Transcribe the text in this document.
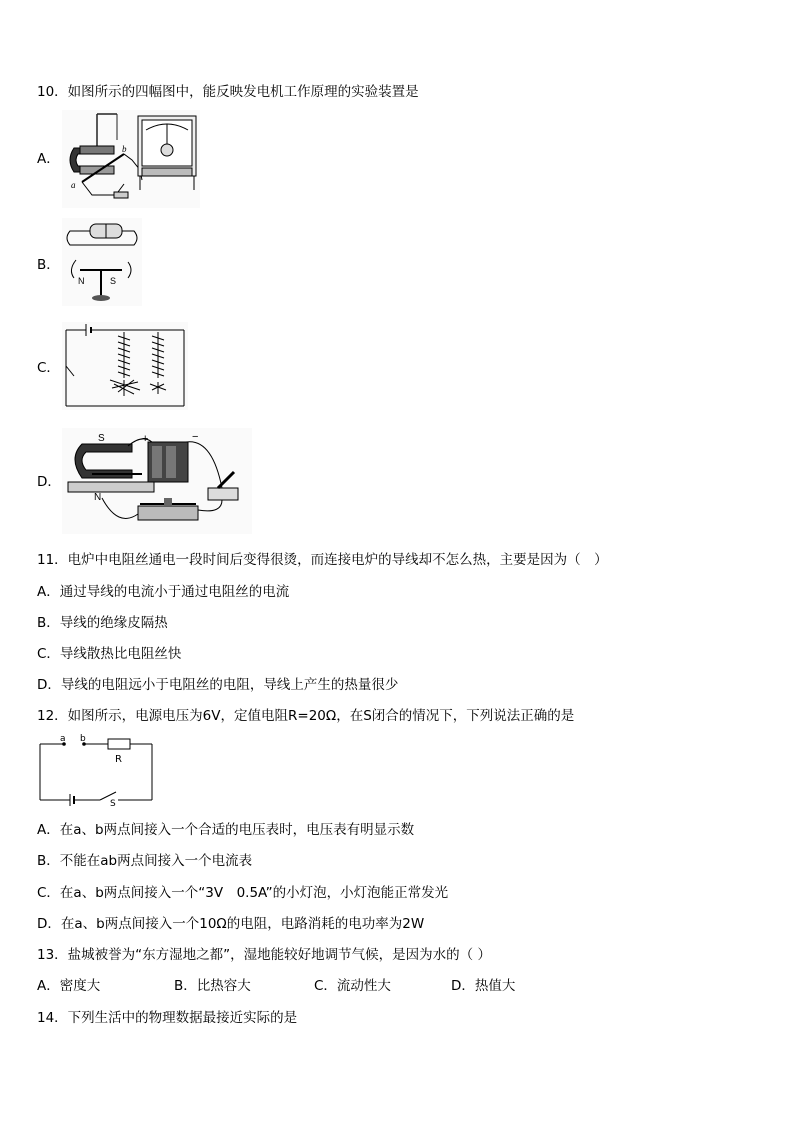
10．如图所示的四幅图中，能反映发电机工作原理的实验装置是
A．
b
a
B．
N	S
C．
D．
S
N
+	−
11．电炉中电阻丝通电一段时间后变得很烫，而连接电炉的导线却不怎么热，主要是因为（　）
A．通过导线的电流小于通过电阻丝的电流
B．导线的绝缘皮隔热
C．导线散热比电阻丝快
D．导线的电阻远小于电阻丝的电阻，导线上产生的热量很少
12．如图所示，电源电压为6V，定值电阻R=20Ω，在S闭合的情况下，下列说法正确的是
a b
R
S
A．在a、b两点间接入一个合适的电压表时，电压表有明显示数
B．不能在ab两点间接入一个电流表
C．在a、b两点间接入一个“3V　0.5A”的小灯泡，小灯泡能正常发光
D．在a、b两点间接入一个10Ω的电阻，电路消耗的电功率为2W
13．盐城被誉为“东方湿地之都”，湿地能较好地调节气候，是因为水的（ ）
A．密度大	B．比热容大	C．流动性大	D．热值大
14．下列生活中的物理数据最接近实际的是
